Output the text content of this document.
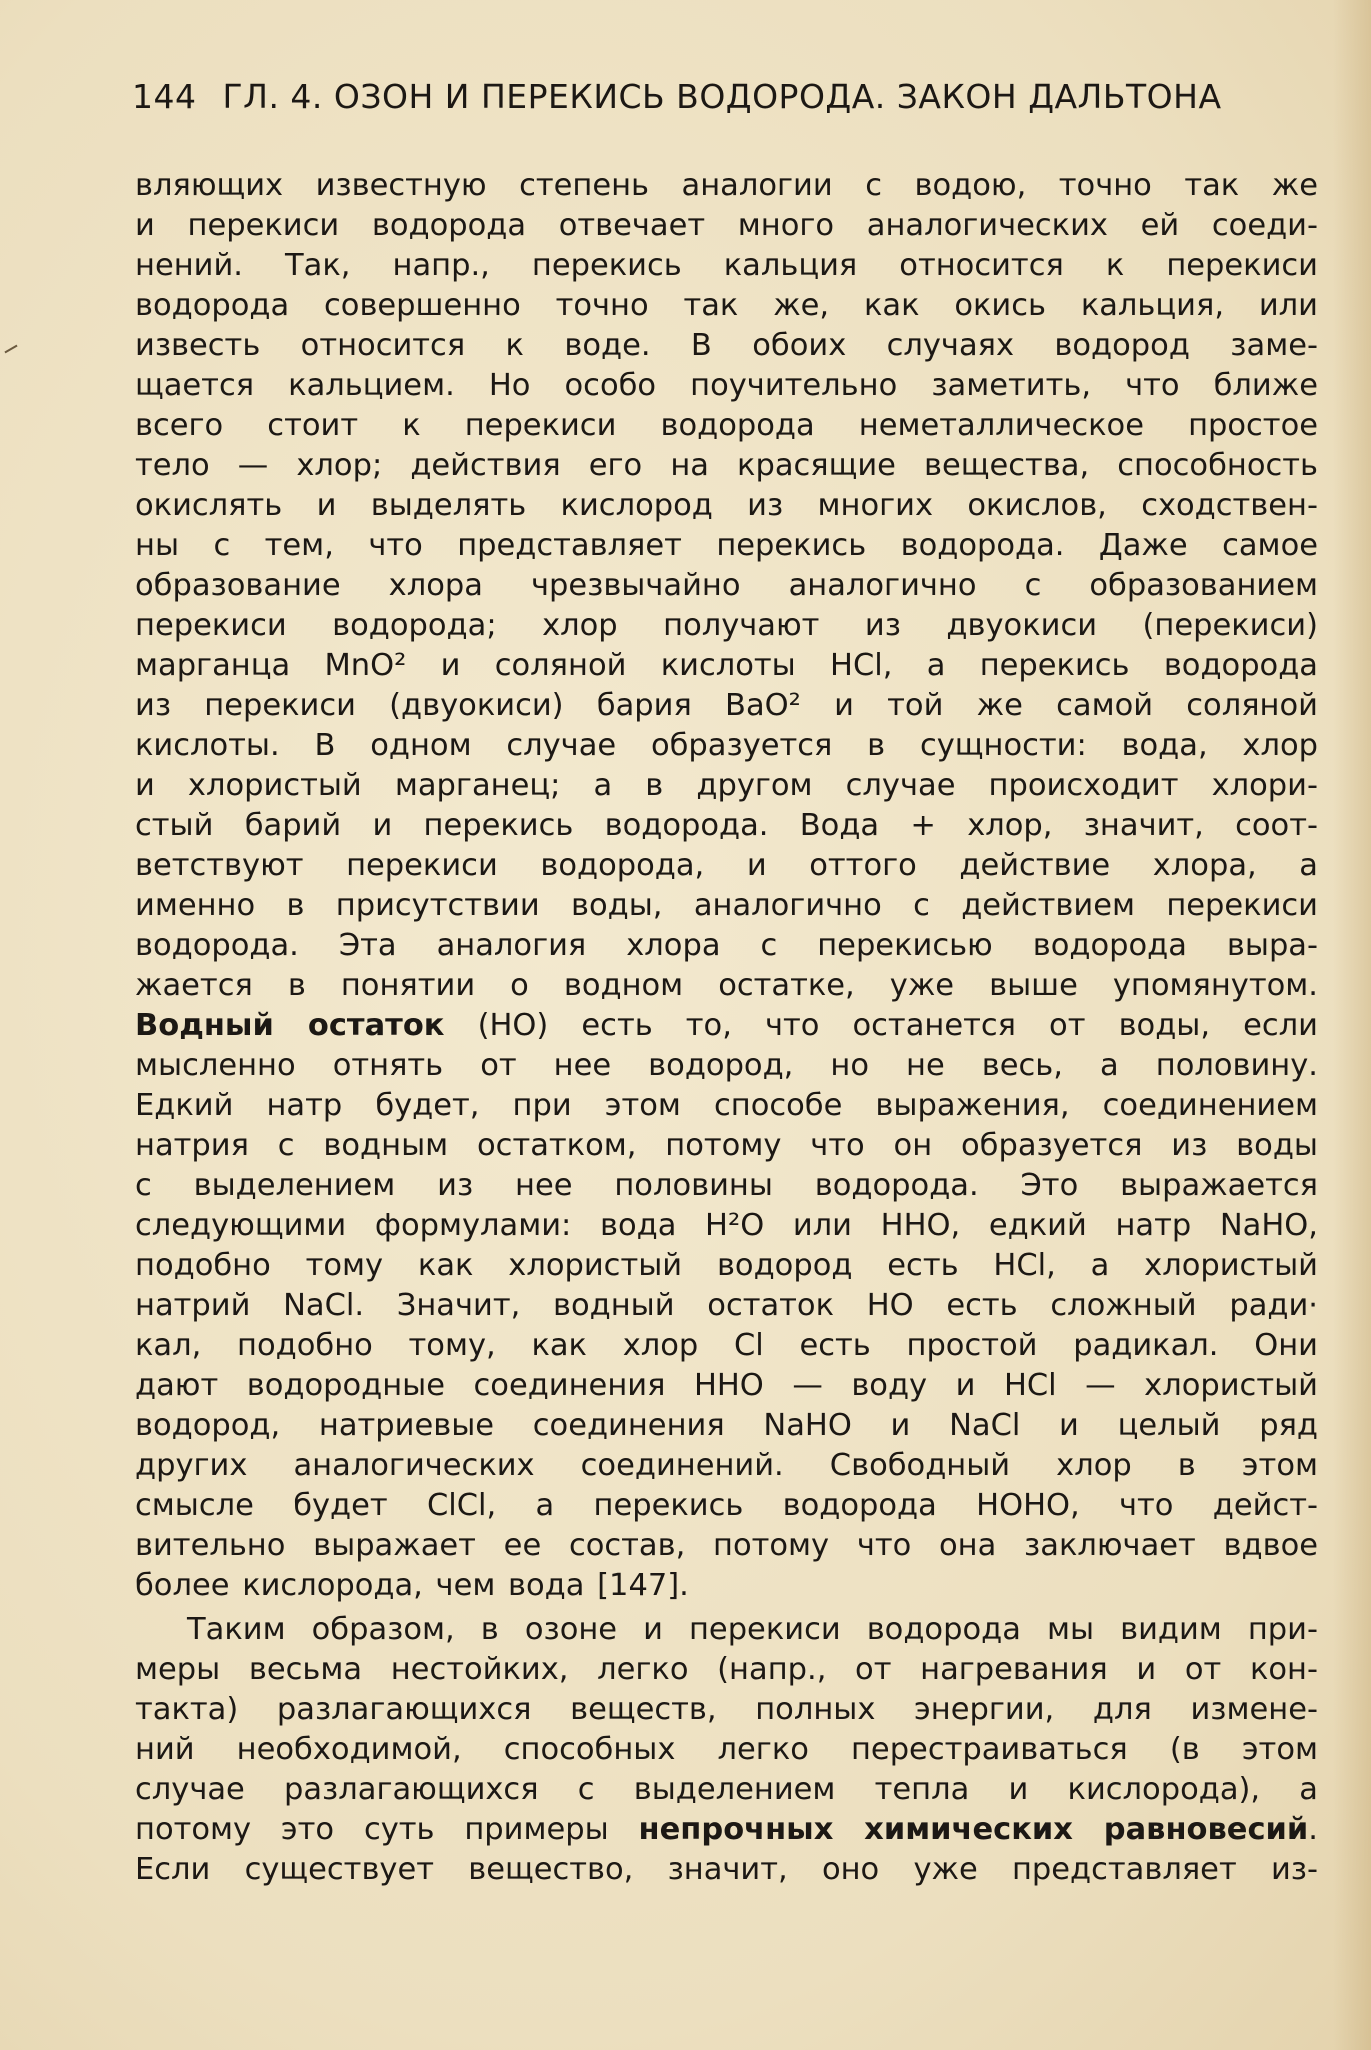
144 ГЛ. 4. ОЗОН И ПЕРЕКИСЬ ВОДОРОДА. ЗАКОН ДАЛЬТОНА
вляющих известную степень аналогии с водою, точно так же
и перекиси водорода отвечает много аналогических ей соеди-
нений. Так, напр., перекись кальция относится к перекиси
водорода совершенно точно так же, как окись кальция, или
известь относится к воде. В обоих случаях водород заме-
щается кальцием. Но особо поучительно заметить, что ближе
всего стоит к перекиси водорода неметаллическое простое
тело — хлор; действия его на красящие вещества, способность
окислять и выделять кислород из многих окислов, сходствен-
ны с тем, что представляет перекись водорода. Даже самое
образование хлора чрезвычайно аналогично с образованием
перекиси водорода; хлор получают из двуокиси (перекиси)
марганца MnO² и соляной кислоты HCl, а перекись водорода
из перекиси (двуокиси) бария BaO² и той же самой соляной
кислоты. В одном случае образуется в сущности: вода, хлор
и хлористый марганец; а в другом случае происходит хлори-
стый барий и перекись водорода. Вода + хлор, значит, соот-
ветствуют перекиси водорода, и оттого действие хлора, а
именно в присутствии воды, аналогично с действием перекиси
водорода. Эта аналогия хлора с перекисью водорода выра-
жается в понятии о водном остатке, уже выше упомянутом.
Водный остаток (HO) есть то, что останется от воды, если
мысленно отнять от нее водород, но не весь, а половину.
Едкий натр будет, при этом способе выражения, соединением
натрия с водным остатком, потому что он образуется из воды
с выделением из нее половины водорода. Это выражается
следующими формулами: вода H²O или HHO, едкий натр NaHO,
подобно тому как хлористый водород есть HCl, а хлористый
натрий NaCl. Значит, водный остаток HO есть сложный ради·
кал, подобно тому, как хлор Cl есть простой радикал. Они
дают водородные соединения HHO — воду и HCl — хлористый
водород, натриевые соединения NaHO и NaCl и целый ряд
других аналогических соединений. Свободный хлор в этом
смысле будет ClCl, а перекись водорода HOHO, что дейст-
вительно выражает ее состав, потому что она заключает вдвое
более кислорода, чем вода [147].
Таким образом, в озоне и перекиси водорода мы видим при-
меры весьма нестойких, легко (напр., от нагревания и от кон-
такта) разлагающихся веществ, полных энергии, для измене-
ний необходимой, способных легко перестраиваться (в этом
случае разлагающихся с выделением тепла и кислорода), а
потому это суть примеры непрочных химических равновесий.
Если существует вещество, значит, оно уже представляет из-
